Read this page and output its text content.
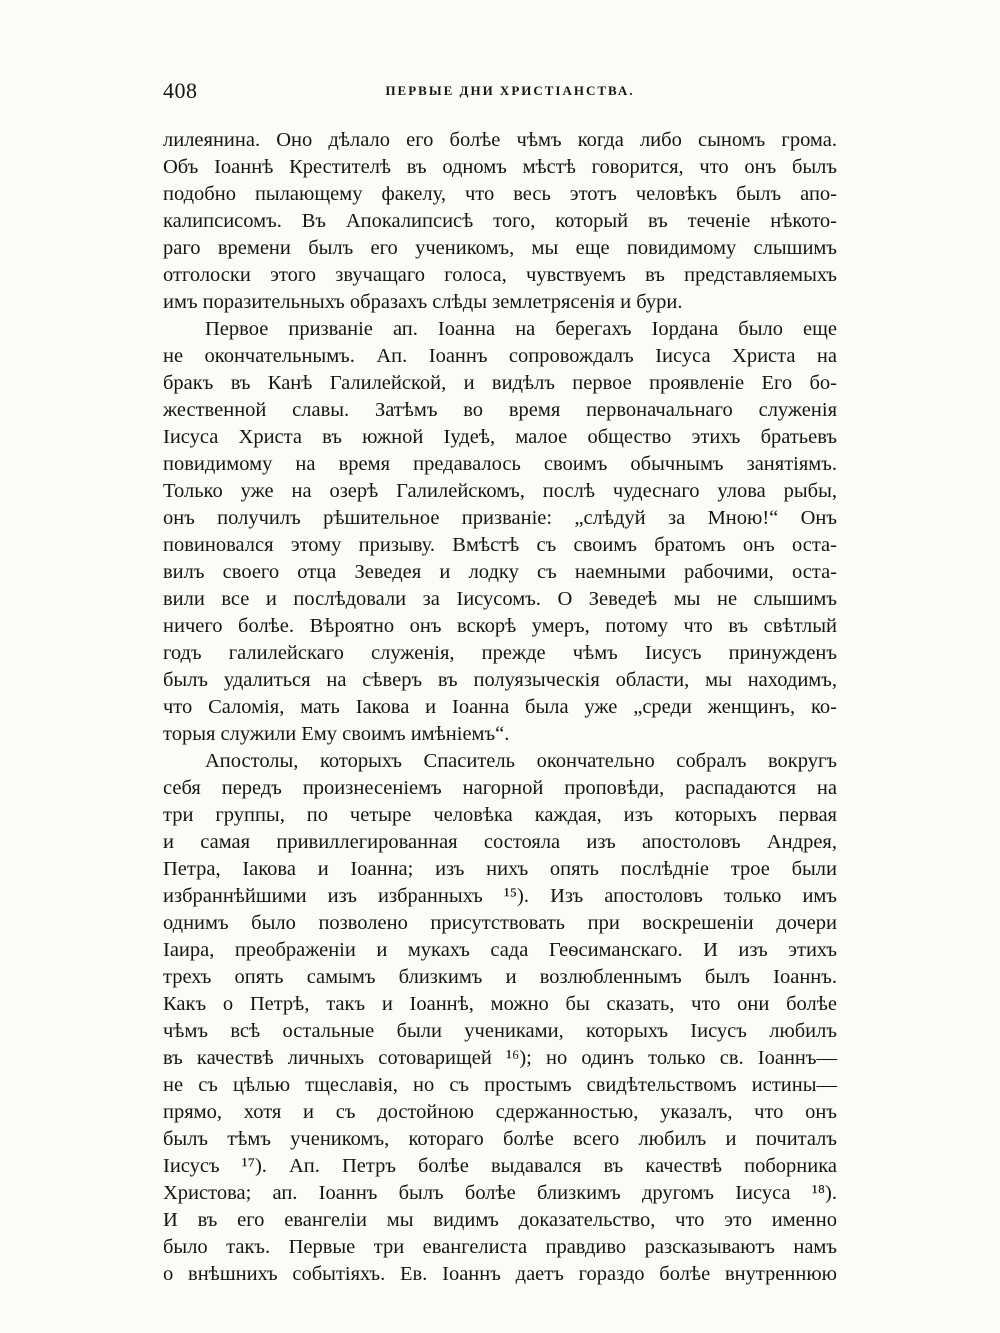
408	ПЕРВЫЕ ДНИ ХРИСТІАНСТВА.
лилеянина. Оно дѣлало его болѣе чѣмъ когда либо сыномъ грома.
Объ Іоаннѣ Крестителѣ въ одномъ мѣстѣ говорится, что онъ былъ
подобно пылающему факелу, что весь этотъ человѣкъ былъ апо-
калипсисомъ. Въ Апокалипсисѣ того, который въ теченіе нѣкото-
раго времени былъ его ученикомъ, мы еще повидимому слышимъ
отголоски этого звучащаго голоса, чувствуемъ въ представляемыхъ
имъ поразительныхъ образахъ слѣды землетрясенія и бури.
Первое призваніе ап. Іоанна на берегахъ Іордана было еще
не окончательнымъ. Ап. Іоаннъ сопровождалъ Іисуса Христа на
бракъ въ Канѣ Галилейской, и видѣлъ первое проявленіе Его бо-
жественной славы. Затѣмъ во время первоначальнаго служенія
Іисуса Христа въ южной Іудеѣ, малое общество этихъ братьевъ
повидимому на время предавалось своимъ обычнымъ занятіямъ.
Только уже на озерѣ Галилейскомъ, послѣ чудеснаго улова рыбы,
онъ получилъ рѣшительное призваніе: „слѣдуй за Мною!“ Онъ
повиновался этому призыву. Вмѣстѣ съ своимъ братомъ онъ оста-
вилъ своего отца Зеведея и лодку съ наемными рабочими, оста-
вили все и послѣдовали за Іисусомъ. О Зеведеѣ мы не слышимъ
ничего болѣе. Вѣроятно онъ вскорѣ умеръ, потому что въ свѣтлый
годъ галилейскаго служенія, прежде чѣмъ Іисусъ принужденъ
былъ удалиться на сѣверъ въ полуязыческія области, мы находимъ,
что Саломія, мать Іакова и Іоанна была уже „среди женщинъ, ко-
торыя служили Ему своимъ имѣніемъ“.
Апостолы, которыхъ Спаситель окончательно собралъ вокругъ
себя передъ произнесеніемъ нагорной проповѣди, распадаются на
три группы, по четыре человѣка каждая, изъ которыхъ первая
и самая привиллегированная состояла изъ апостоловъ Андрея,
Петра, Іакова и Іоанна; изъ нихъ опять послѣдніе трое были
избраннѣйшими изъ избранныхъ ¹⁵). Изъ апостоловъ только имъ
однимъ было позволено присутствовать при воскрешеніи дочери
Іаира, преображеніи и мукахъ сада Геѳсиманскаго. И изъ этихъ
трехъ опять самымъ близкимъ и возлюбленнымъ былъ Іоаннъ.
Какъ о Петрѣ, такъ и Іоаннѣ, можно бы сказать, что они болѣе
чѣмъ всѣ остальные были учениками, которыхъ Іисусъ любилъ
въ качествѣ личныхъ сотоварищей ¹⁶); но одинъ только св. Іоаннъ—
не съ цѣлью тщеславія, но съ простымъ свидѣтельствомъ истины—
прямо, хотя и съ достойною сдержанностью, указалъ, что онъ
былъ тѣмъ ученикомъ, котораго болѣе всего любилъ и почиталъ
Іисусъ ¹⁷). Ап. Петръ болѣе выдавался въ качествѣ поборника
Христова; ап. Іоаннъ былъ болѣе близкимъ другомъ Іисуса ¹⁸).
И въ его евангеліи мы видимъ доказательство, что это именно
было такъ. Первые три евангелиста правдиво разсказываютъ намъ
о внѣшнихъ событіяхъ. Ев. Іоаннъ даетъ гораздо болѣе внутреннюю
